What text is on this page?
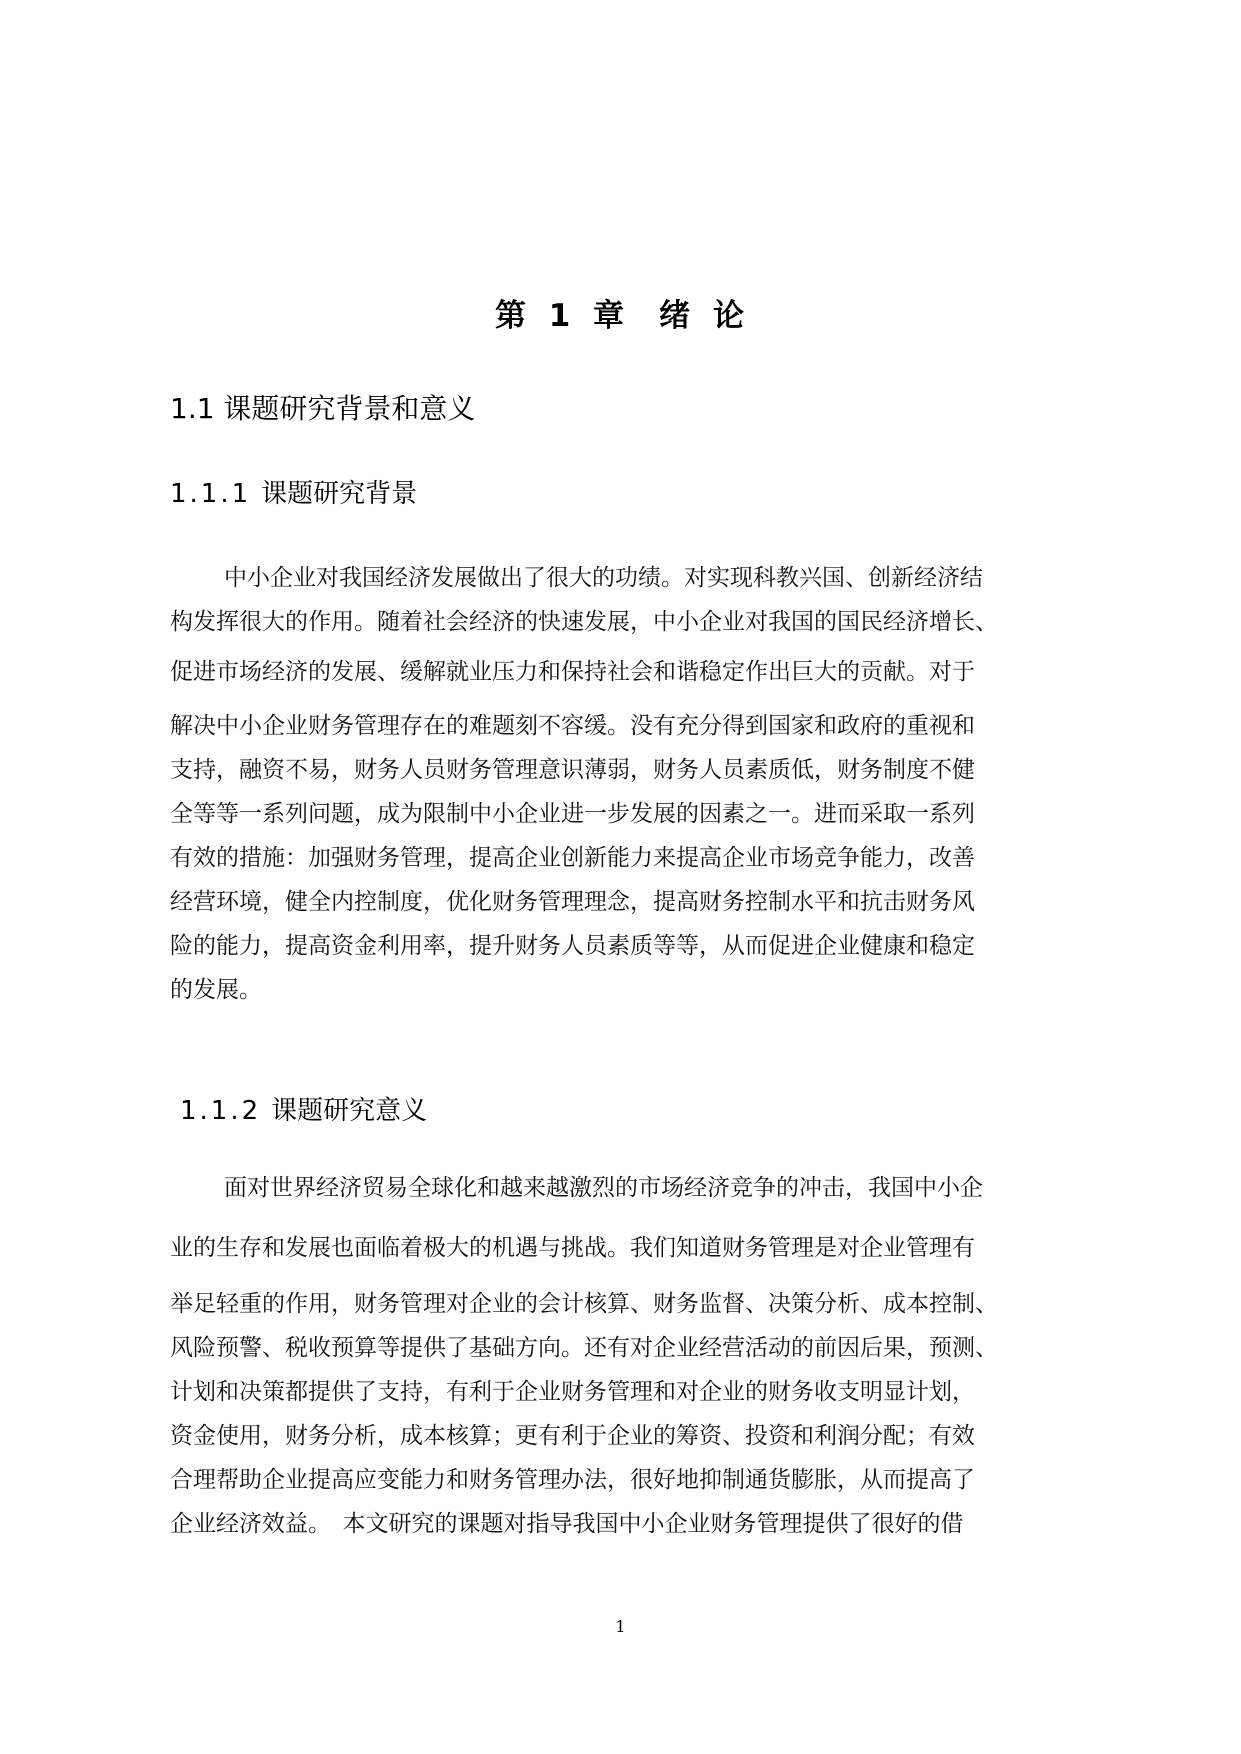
第 1 章　绪 论
1.1 课题研究背景和意义
1.1.1 课题研究背景

中小企业对我国经济发展做出了很大的功绩。对实现科教兴国、创新经济结
构发挥很大的作用。随着社会经济的快速发展，中小企业对我国的国民经济增长、
促进市场经济的发展、缓解就业压力和保持社会和谐稳定作出巨大的贡献。对于
解决中小企业财务管理存在的难题刻不容缓。没有充分得到国家和政府的重视和
支持，融资不易，财务人员财务管理意识薄弱，财务人员素质低，财务制度不健
全等等一系列问题，成为限制中小企业进一步发展的因素之一。进而采取一系列
有效的措施：加强财务管理，提高企业创新能力来提高企业市场竞争能力，改善
经营环境，健全内控制度，优化财务管理理念，提高财务控制水平和抗击财务风
险的能力，提高资金利用率，提升财务人员素质等等，从而促进企业健康和稳定
的发展。

1.1.2 课题研究意义

面对世界经济贸易全球化和越来越激烈的市场经济竞争的冲击，我国中小企
业的生存和发展也面临着极大的机遇与挑战。我们知道财务管理是对企业管理有
举足轻重的作用，财务管理对企业的会计核算、财务监督、决策分析、成本控制、
风险预警、税收预算等提供了基础方向。还有对企业经营活动的前因后果，预测、
计划和决策都提供了支持，有利于企业财务管理和对企业的财务收支明显计划，
资金使用，财务分析，成本核算；更有利于企业的筹资、投资和利润分配；有效
合理帮助企业提高应变能力和财务管理办法，很好地抑制通货膨胀，从而提高了
企业经济效益。　本文研究的课题对指导我国中小企业财务管理提供了很好的借

1
